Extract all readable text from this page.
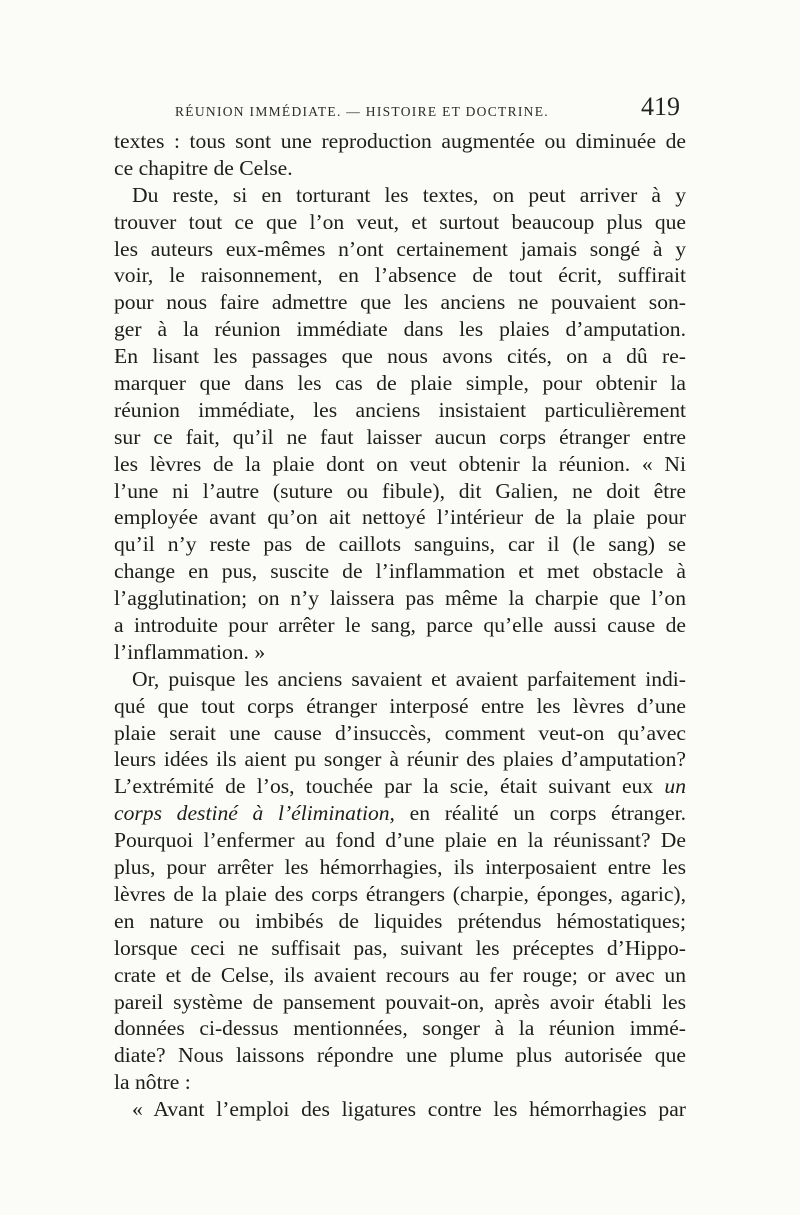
RÉUNION IMMÉDIATE. — HISTOIRE ET DOCTRINE.	419
textes : tous sont une reproduction augmentée ou diminuée de
ce chapitre de Celse.
Du reste, si en torturant les textes, on peut arriver à y
trouver tout ce que l’on veut, et surtout beaucoup plus que
les auteurs eux-mêmes n’ont certainement jamais songé à y
voir, le raisonnement, en l’absence de tout écrit, suffirait
pour nous faire admettre que les anciens ne pouvaient son-
ger à la réunion immédiate dans les plaies d’amputation.
En lisant les passages que nous avons cités, on a dû re-
marquer que dans les cas de plaie simple, pour obtenir la
réunion immédiate, les anciens insistaient particulièrement
sur ce fait, qu’il ne faut laisser aucun corps étranger entre
les lèvres de la plaie dont on veut obtenir la réunion. « Ni
l’une ni l’autre (suture ou fibule), dit Galien, ne doit être
employée avant qu’on ait nettoyé l’intérieur de la plaie pour
qu’il n’y reste pas de caillots sanguins, car il (le sang) se
change en pus, suscite de l’inflammation et met obstacle à
l’agglutination; on n’y laissera pas même la charpie que l’on
a introduite pour arrêter le sang, parce qu’elle aussi cause de
l’inflammation. »
Or, puisque les anciens savaient et avaient parfaitement indi-
qué que tout corps étranger interposé entre les lèvres d’une
plaie serait une cause d’insuccès, comment veut-on qu’avec
leurs idées ils aient pu songer à réunir des plaies d’amputation?
L’extrémité de l’os, touchée par la scie, était suivant eux un
corps destiné à l’élimination, en réalité un corps étranger.
Pourquoi l’enfermer au fond d’une plaie en la réunissant? De
plus, pour arrêter les hémorrhagies, ils interposaient entre les
lèvres de la plaie des corps étrangers (charpie, éponges, agaric),
en nature ou imbibés de liquides prétendus hémostatiques;
lorsque ceci ne suffisait pas, suivant les préceptes d’Hippo-
crate et de Celse, ils avaient recours au fer rouge; or avec un
pareil système de pansement pouvait-on, après avoir établi les
données ci-dessus mentionnées, songer à la réunion immé-
diate? Nous laissons répondre une plume plus autorisée que
la nôtre :
« Avant l’emploi des ligatures contre les hémorrhagies par
